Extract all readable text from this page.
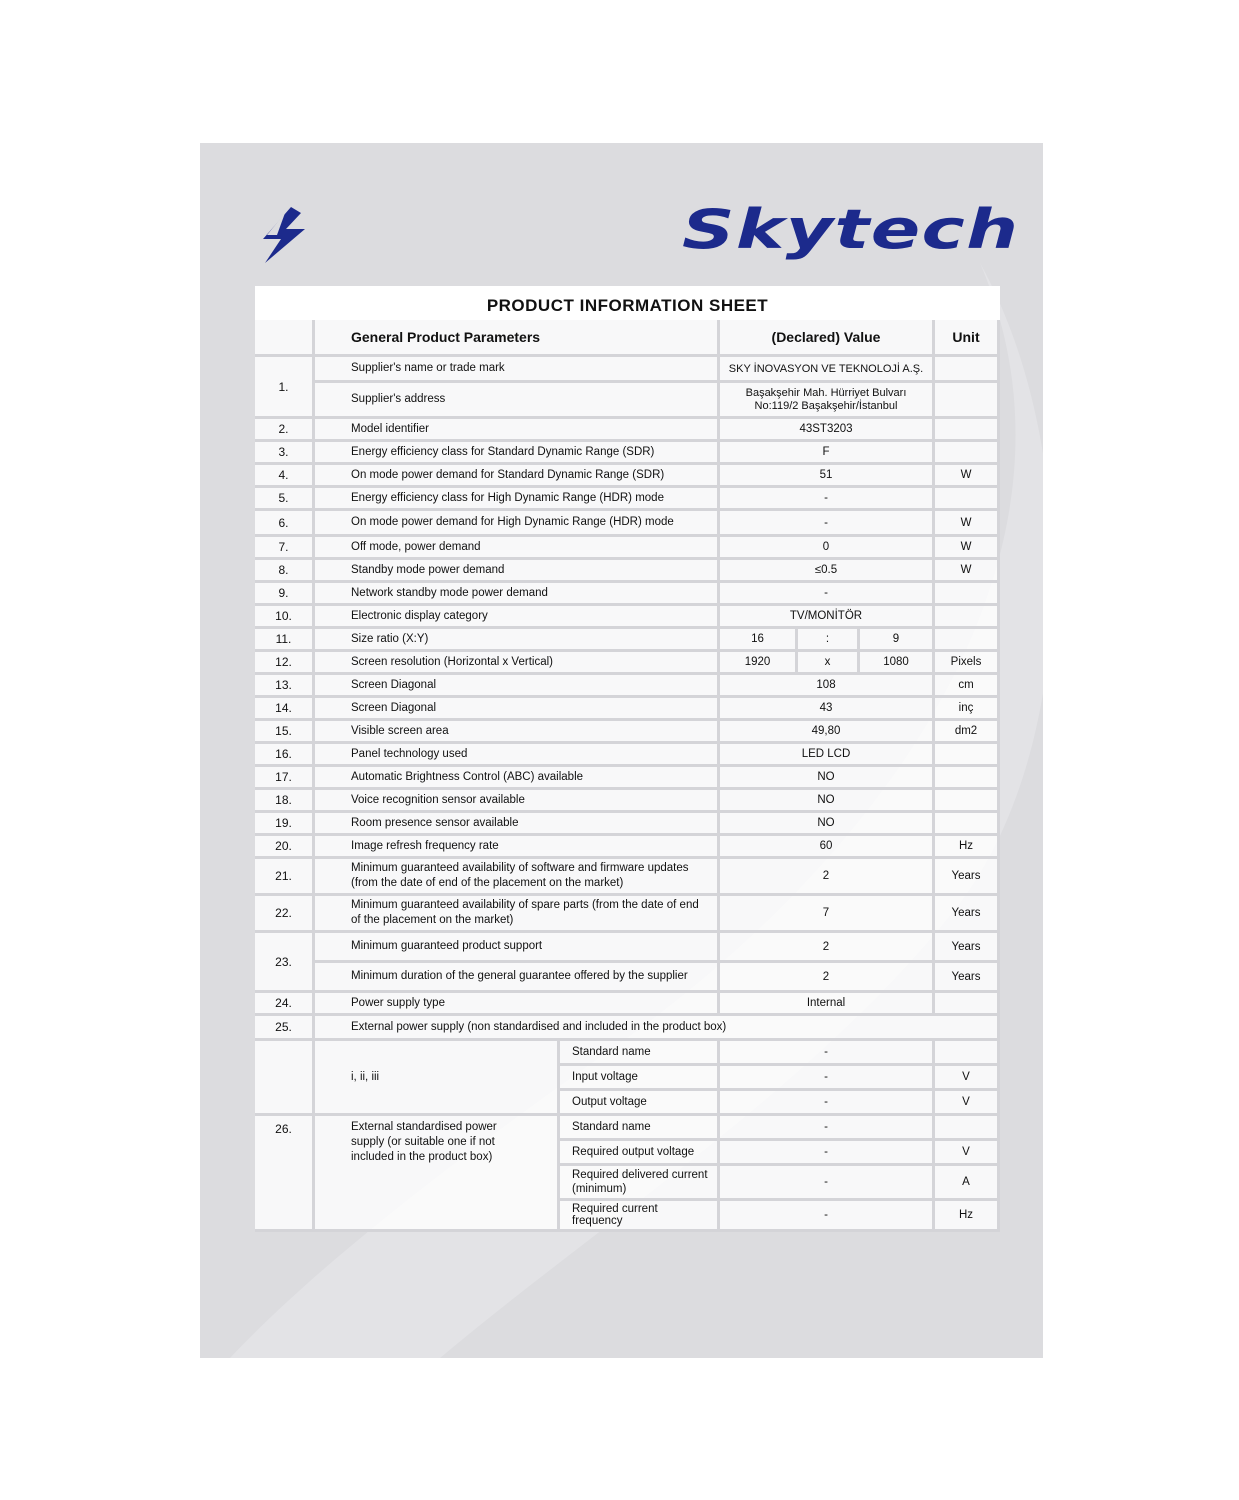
Skytech
PRODUCT INFORMATION SHEET
	General Product Parameters		(Declared) Value			Unit
1.	Supplier's name or trade mark		SKY İNOVASYON VE TEKNOLOJİ A.Ş.			
	Supplier's address		Başakşehir Mah. Hürriyet Bulvarı No:119/2 Başakşehir/İstanbul			
2.	Model identifier		43ST3203			
3.	Energy efficiency class for Standard Dynamic Range (SDR)		F			
4.	On mode power demand for Standard Dynamic Range (SDR)		51			W
5.	Energy efficiency class for High Dynamic Range (HDR) mode		-			
6.	On mode power demand for High Dynamic Range (HDR) mode		-			W
7.	Off mode, power demand		0			W
8.	Standby mode power demand		≤0.5			W
9.	Network standby mode power demand		-			
10.	Electronic display category		TV/MONİTÖR			
11.	Size ratio (X:Y)		16	:	9	
12.	Screen resolution (Horizontal x Vertical)		1920	x	1080	Pixels
13.	Screen Diagonal		108			cm
14.	Screen Diagonal		43			inç
15.	Visible screen area		49,80			dm2
16.	Panel technology used		LED LCD			
17.	Automatic Brightness Control (ABC) available		NO			
18.	Voice recognition sensor available		NO			
19.	Room presence sensor available		NO			
20.	Image refresh frequency rate		60			Hz
21.	Minimum guaranteed availability of software and firmware updates (from the date of end of the placement on the market)		2			Years
22.	Minimum guaranteed availability of spare parts (from the date of end of the placement on the market)		7			Years
23.	Minimum guaranteed product support		2			Years
	Minimum duration of the general guarantee offered by the supplier		2			Years
24.	Power supply type		Internal			
25.	External power supply (non standardised and included in the product box)					
	i, ii, iii	Standard name	-			
		Input voltage	-			V
		Output voltage	-			V
26.	External standardised power supply (or suitable one if not included in the product box)	Standard name	-			
		Required output voltage	-			V
		Required delivered current (minimum)	-			A
		Required current frequency	-			Hz
